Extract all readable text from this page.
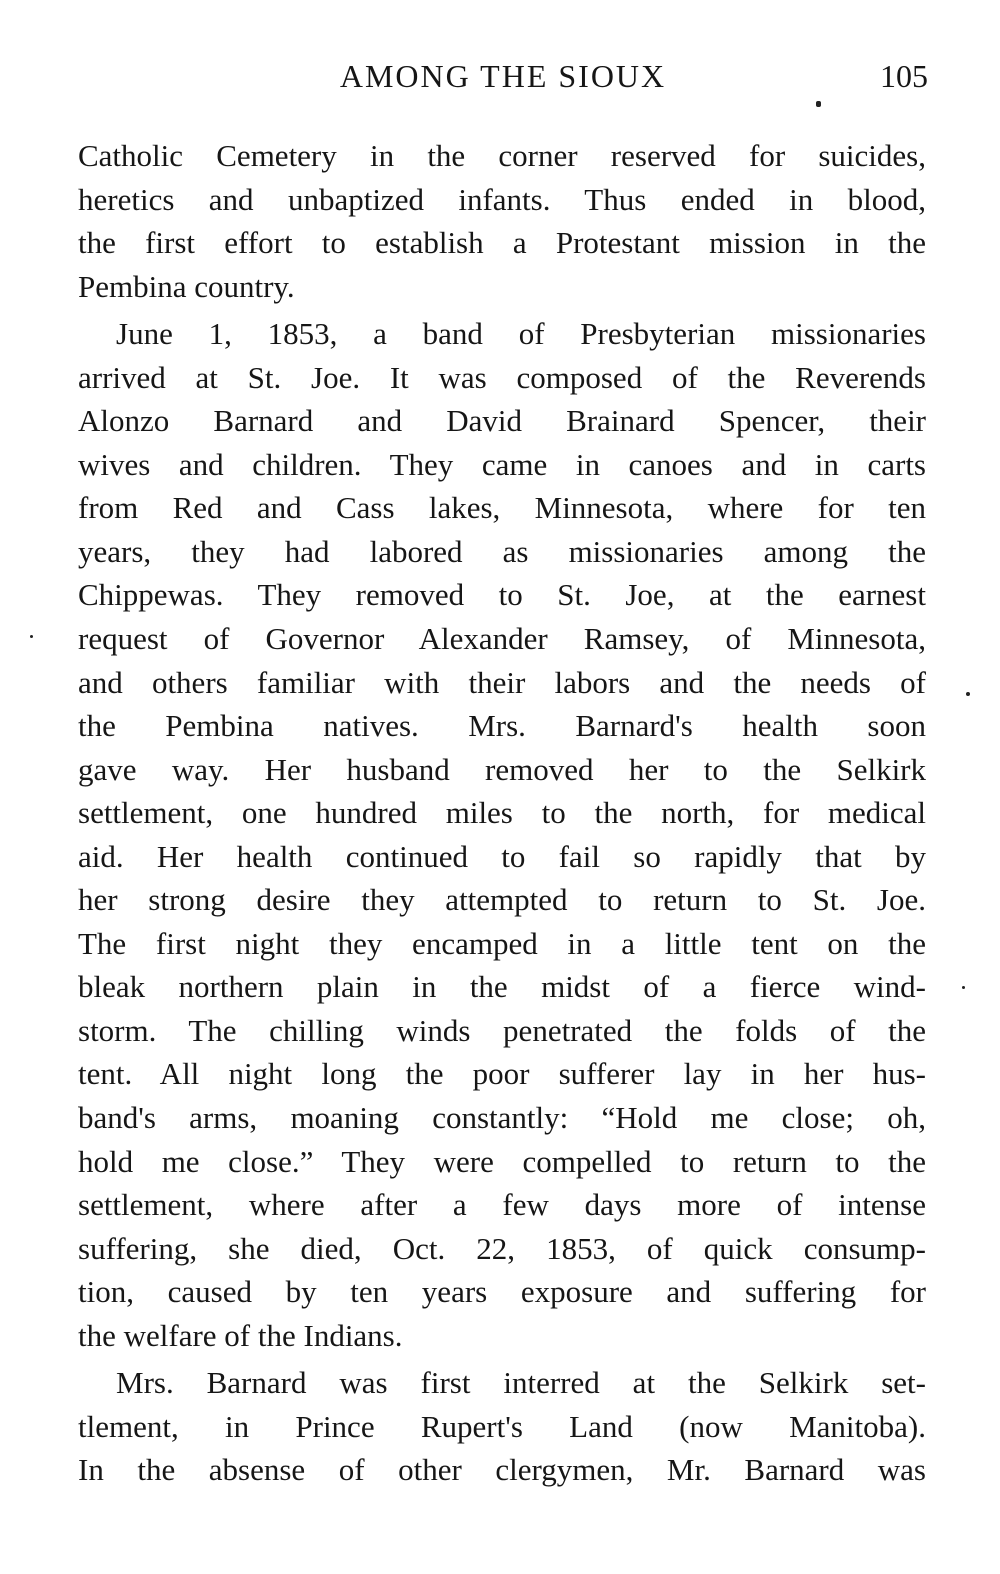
AMONG THE SIOUX	105
Catholic Cemetery in the corner reserved for suicides,
heretics and unbaptized infants. Thus ended in blood,
the first effort to establish a Protestant mission in the
Pembina country.
June 1, 1853, a band of Presbyterian missionaries
arrived at St. Joe. It was composed of the Reverends
Alonzo Barnard and David Brainard Spencer, their
wives and children. They came in canoes and in carts
from Red and Cass lakes, Minnesota, where for ten
years, they had labored as missionaries among the
Chippewas. They removed to St. Joe, at the earnest
request of Governor Alexander Ramsey, of Minnesota,
and others familiar with their labors and the needs of
the Pembina natives. Mrs. Barnard's health soon
gave way. Her husband removed her to the Selkirk
settlement, one hundred miles to the north, for medical
aid. Her health continued to fail so rapidly that by
her strong desire they attempted to return to St. Joe.
The first night they encamped in a little tent on the
bleak northern plain in the midst of a fierce wind-
storm. The chilling winds penetrated the folds of the
tent. All night long the poor sufferer lay in her hus-
band's arms, moaning constantly: “Hold me close; oh,
hold me close.” They were compelled to return to the
settlement, where after a few days more of intense
suffering, she died, Oct. 22, 1853, of quick consump-
tion, caused by ten years exposure and suffering for
the welfare of the Indians.
Mrs. Barnard was first interred at the Selkirk set-
tlement, in Prince Rupert's Land (now Manitoba).
In the absense of other clergymen, Mr. Barnard was
